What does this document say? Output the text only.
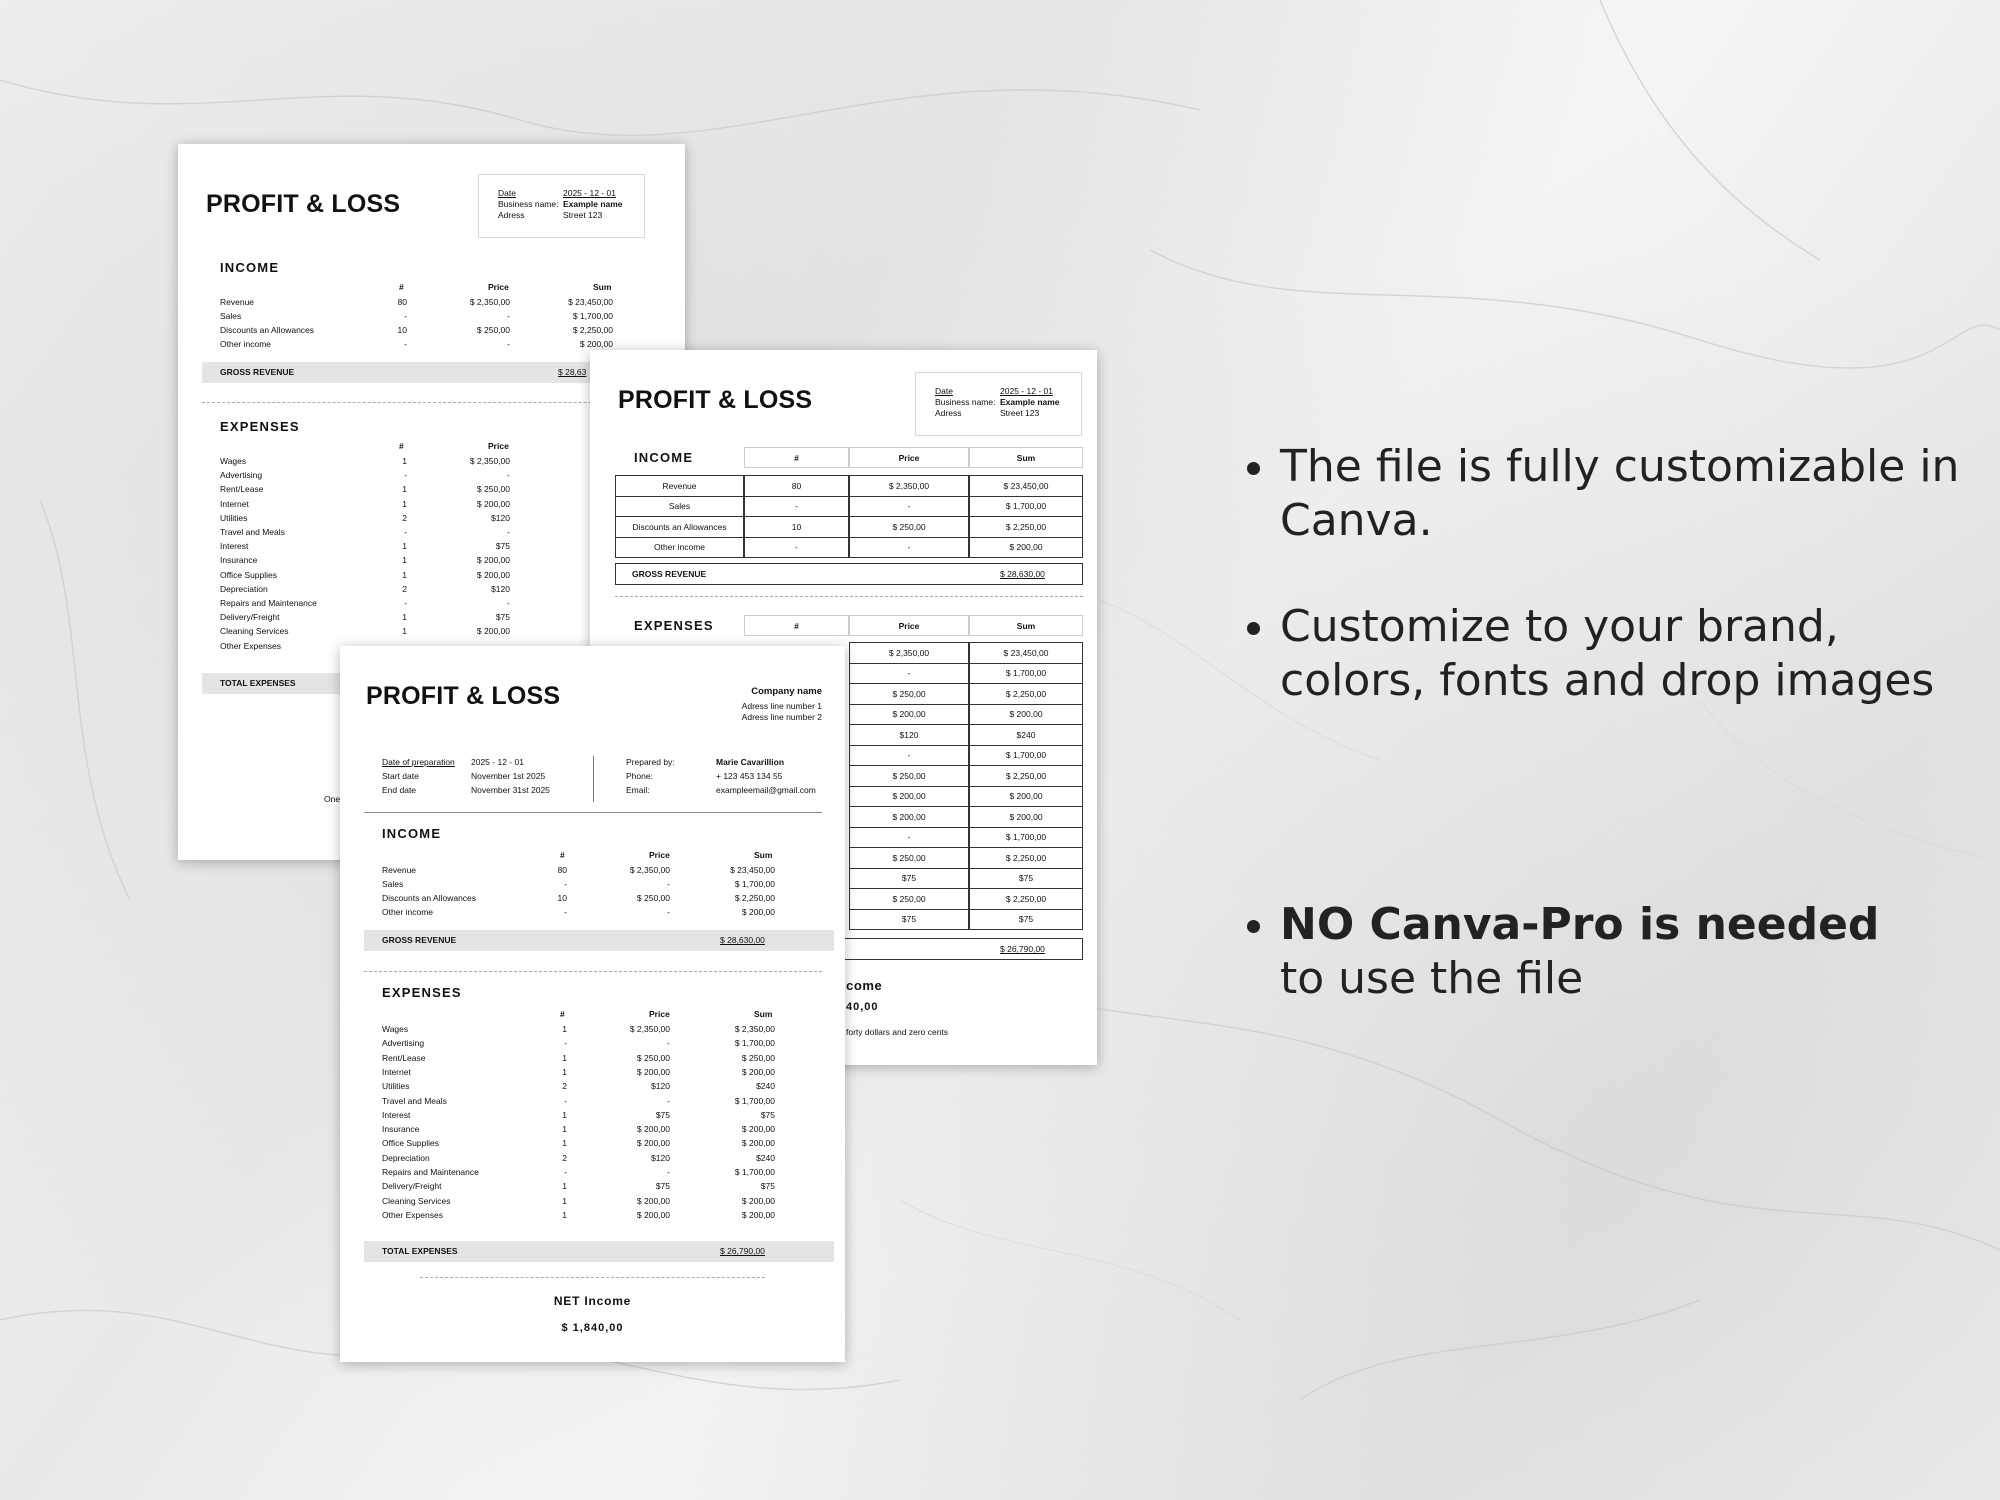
PROFIT & LOSS	Date	2025 - 12 - 01
Business name: Example name
Adress	Street 123
INCOME
#	Price	Sum
Revenue	80	$ 2,350,00	$ 23,450,00
Sales	-	-	$ 1,700,00
Discounts an Allowances	10	$ 250,00	$ 2,250,00
Other income	-	-	$ 200,00
GROSS REVENUE	$ 28,63
EXPENSES
#	Price
Wages	1	$ 2,350,00
Advertising	-	-
Rent/Lease	1	$ 250,00
Internet	1	$ 200,00
Utilities	2	$120
Travel and Meals	-	-
Interest	1	$75
Insurance	1	$ 200,00
Office Supplies	1	$ 200,00
Depreciation	2	$120
Repairs and Maintenance	-	-
Delivery/Freight	1	$75
Cleaning Services	1	$ 200,00
Other Expenses
TOTAL EXPENSES
One
PROFIT & LOSS	Date	2025 - 12 - 01
Business name: Example name
Adress	Street 123
INCOME	#	Price	Sum
Revenue	80	$ 2,350,00	$ 23,450,00
Sales	-	-	$ 1,700,00
Discounts an Allowances	10	$ 250,00	$ 2,250,00
Other income	-	-	$ 200,00
GROSS REVENUE	$ 28,630,00
EXPENSES	#	Price	Sum
$ 2,350,00	$ 23,450,00
-	$ 1,700,00
$ 250,00	$ 2,250,00
$ 200,00	$ 200,00
$120	$240
-	$ 1,700,00
$ 250,00	$ 2,250,00
$ 200,00	$ 200,00
$ 200,00	$ 200,00
-	$ 1,700,00
$ 250,00	$ 2,250,00
$75	$75
$ 250,00	$ 2,250,00
$75	$75
$ 26,790,00
come
40,00
forty dollars and zero cents
PROFIT & LOSS	Company name
Adress line number 1
Adress line number 2
Date of preparation 2025 - 12 - 01
Start date	November 1st 2025
End date	November 31st 2025
Prepared by:	Marie Cavarillion
Phone:	+ 123 453 134 55
Email:	exampleemail@gmail.com
INCOME
#	Price	Sum
Revenue	80	$ 2,350,00	$ 23,450,00
Sales	-	-	$ 1,700,00
Discounts an Allowances	10	$ 250,00	$ 2,250,00
Other income	-	-	$ 200,00
GROSS REVENUE	$ 28,630,00
EXPENSES
#	Price	Sum
Wages	1	$ 2,350,00	$ 2,350,00
Advertising	-	-	$ 1,700,00
Rent/Lease	1	$ 250,00	$ 250,00
Internet	1	$ 200,00	$ 200,00
Utilities	2	$120	$240
Travel and Meals	-	-	$ 1,700,00
Interest	1	$75	$75
Insurance	1	$ 200,00	$ 200,00
Office Supplies	1	$ 200,00	$ 200,00
Depreciation	2	$120	$240
Repairs and Maintenance	-	-	$ 1,700,00
Delivery/Freight	1	$75	$75
Cleaning Services	1	$ 200,00	$ 200,00
Other Expenses	1	$ 200,00	$ 200,00
TOTAL EXPENSES	$ 26,790,00
NET Income
$ 1,840,00
• The file is fully customizable in Canva.
• Customize to your brand, colors, fonts and drop images
• NO Canva-Pro is needed
to use the file
